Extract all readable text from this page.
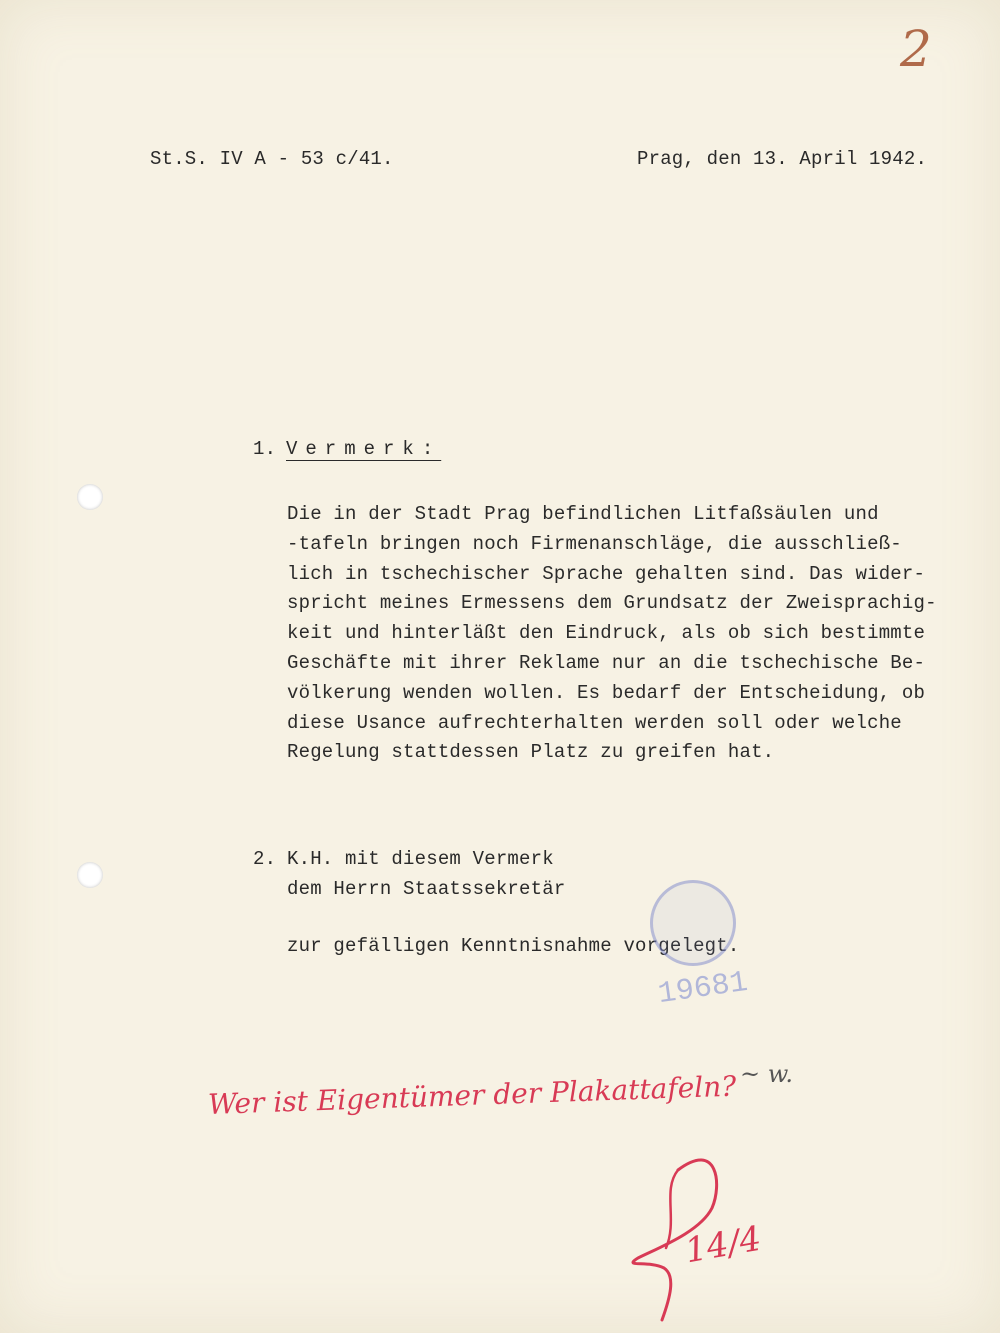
2

St.S. IV A - 53 c/41.	Prag, den 13. April 1942.

1. Vermerk:

Die in der Stadt Prag befindlichen Litfaßsäulen und

-tafeln bringen noch Firmenanschläge, die ausschließ-

lich in tschechischer Sprache gehalten sind. Das wider-

spricht meines Ermessens dem Grundsatz der Zweisprachig-

keit und hinterläßt den Eindruck, als ob sich bestimmte

Geschäfte mit ihrer Reklame nur an die tschechische Be-

völkerung wenden wollen. Es bedarf der Entscheidung, ob

diese Usance aufrechterhalten werden soll oder welche

Regelung stattdessen Platz zu greifen hat.

2. K.H. mit diesem Vermerk

dem Herrn Staatssekretär

zur gefälligen Kenntnisnahme vorgelegt.

19681

~ w.

Wer ist Eigentümer der Plakattafeln?

14/4
